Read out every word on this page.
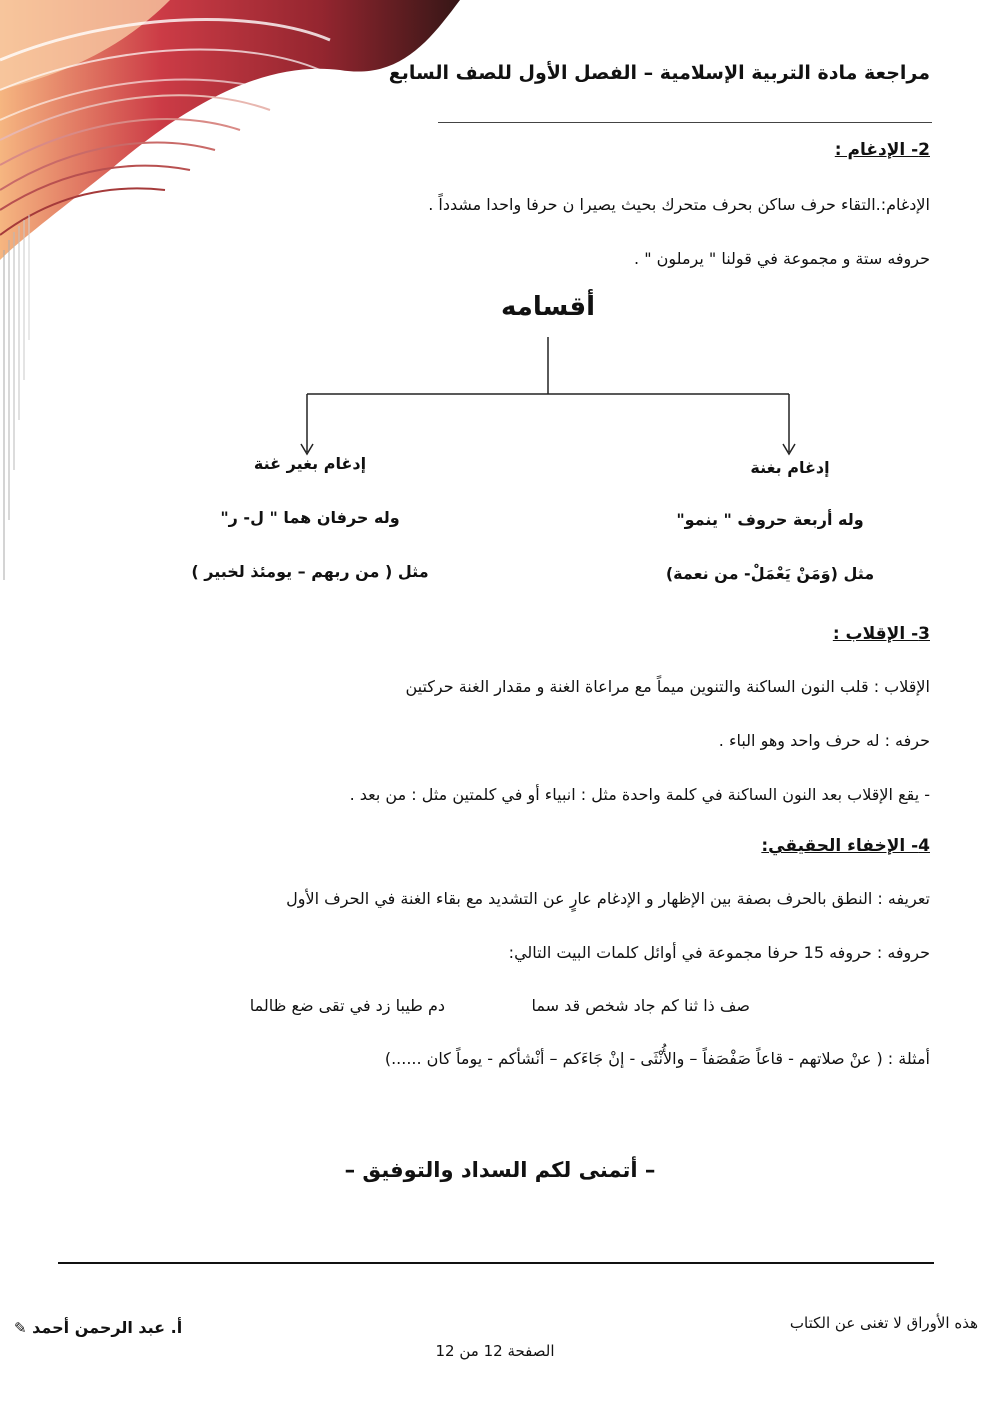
مراجعة مادة التربية الإسلامية – الفصل الأول للصف السابع
2- الإدغام :
الإدغام:.التقاء حرف ساكن بحرف متحرك بحيث يصيرا ن حرفا واحدا مشدداً .
حروفه ستة و مجموعة في قولنا " يرملون " .
أقسامه
إدغام بغير غنة
وله حرفان هما " ل- ر"
مثل ( من ربهم – يومئذ لخبير )
إدغام بغنة
وله أربعة حروف " ينمو"
مثل (وَمَنْ يَعْمَلْ- من نعمة)
3- الإقلاب :
الإقلاب : قلب النون الساكنة والتنوين ميماً مع مراعاة الغنة و مقدار الغنة حركتين
حرفه : له حرف واحد وهو الباء .
- يقع الإقلاب بعد النون الساكنة في كلمة واحدة مثل : انبياء أو في كلمتين مثل : من بعد .
4- الإخفاء الحقيقي:
تعريفه : النطق بالحرف بصفة بين الإظهار و الإدغام عارٍ عن التشديد مع بقاء الغنة في الحرف الأول
حروفه : حروفه 15 حرفا مجموعة في أوائل كلمات البيت التالي:
صف ذا ثنا كم جاد شخص قد سما
دم طيبا زد في تقى ضع ظالما
أمثلة : ( عنْ صلاتهم - قاعاً صَفْصَفاً – والأُنْثَى - إنْ جَاءَكم – أنْشأكم - يوماً كان ......)
– أتمنى لكم السداد والتوفيق –
هذه الأوراق لا تغنى عن الكتاب
✎ أ. عبد الرحمن أحمد
الصفحة 12 من 12
